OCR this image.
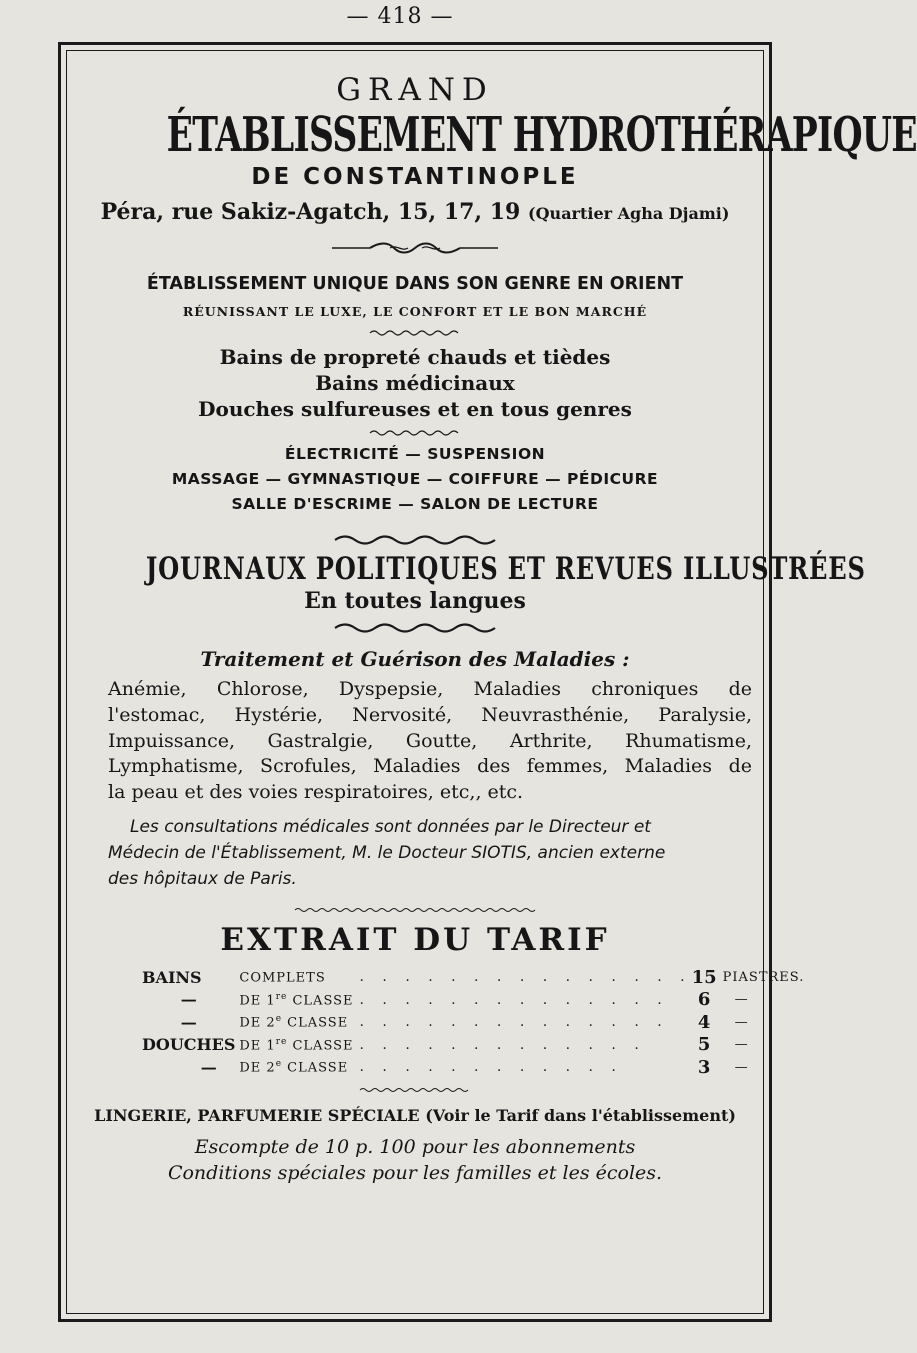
— 418 —

GRAND

ÉTABLISSEMENT HYDROTHÉRAPIQUE

DE CONSTANTINOPLE

Péra, rue Sakiz-Agatch, 15, 17, 19 (Quartier Agha Djami)

ÉTABLISSEMENT UNIQUE DANS SON GENRE EN ORIENT

RÉUNISSANT LE LUXE, LE CONFORT ET LE BON MARCHÉ

Bains de propreté chauds et tièdes

Bains médicinaux

Douches sulfureuses et en tous genres

ÉLECTRICITÉ — SUSPENSION

MASSAGE — GYMNASTIQUE — COIFFURE — PÉDICURE

SALLE D'ESCRIME — SALON DE LECTURE

JOURNAUX POLITIQUES ET REVUES ILLUSTRÉES

En toutes langues

Traitement et Guérison des Maladies :

Anémie, Chlorose, Dyspepsie, Maladies chroniques de
l'estomac, Hystérie, Nervosité, Neuvrasthénie, Paralysie,
Impuissance, Gastralgie, Goutte, Arthrite, Rhumatisme,
Lymphatisme, Scrofules, Maladies des femmes, Maladies de
la peau et des voies respiratoires, etc,, etc.
Les consultations médicales sont données par le Directeur et
Médecin de l'Établissement, M. le Docteur SIOTIS, ancien externe
des hôpitaux de Paris.

EXTRAIT DU TARIF

BAINS	COMPLETS	. . . . . . . . . . . . . . .	15	PIASTRES.
—	DE 1re CLASSE	. . . . . . . . . . . . . .	6	—
—	DE 2e CLASSE	. . . . . . . . . . . . . .	4	—
DOUCHES	DE 1re CLASSE	. . . . . . . . . . . . .	5	—
—	DE 2e CLASSE	. . . . . . . . . . . .	3	—

LINGERIE, PARFUMERIE SPÉCIALE (Voir le Tarif dans l'établissement)

Escompte de 10 p. 100 pour les abonnements

Conditions spéciales pour les familles et les écoles.
